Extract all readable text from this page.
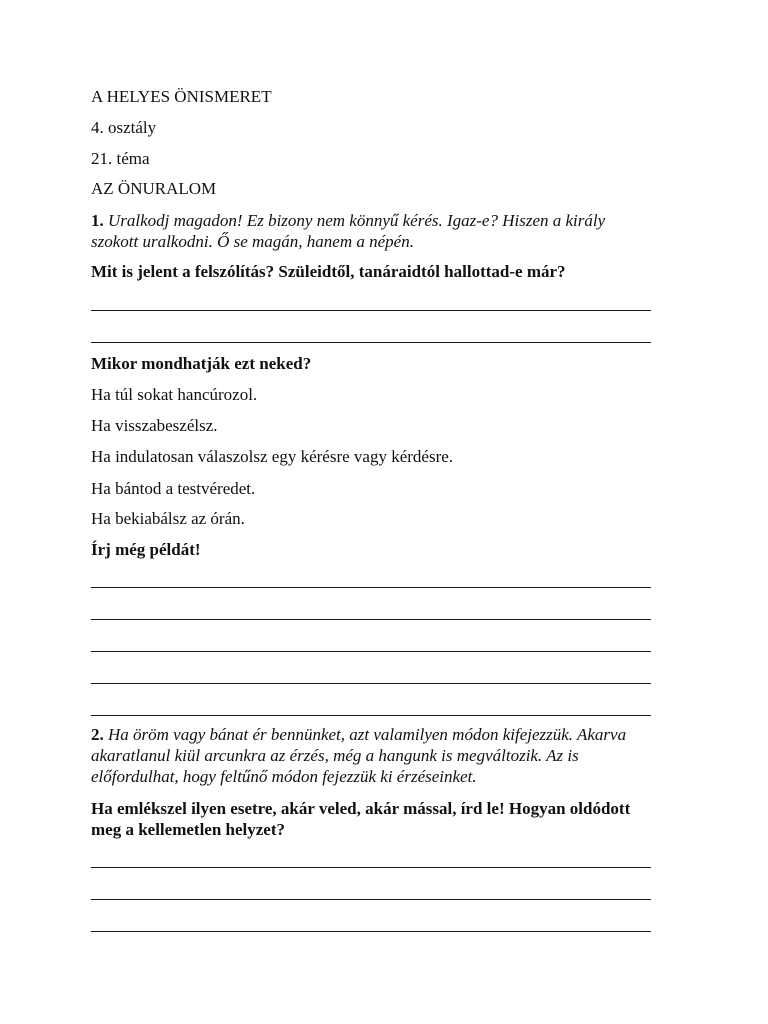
A HELYES ÖNISMERET
4. osztály
21. téma
AZ ÖNURALOM
1. Uralkodj magadon! Ez bizony nem könnyű kérés. Igaz-e? Hiszen a király
szokott uralkodni. Ő se magán, hanem a népén.
Mit is jelent a felszólítás? Szüleidtől, tanáraidtól hallottad-e már?
Mikor mondhatják ezt neked?
Ha túl sokat hancúrozol.
Ha visszabeszélsz.
Ha indulatosan válaszolsz egy kérésre vagy kérdésre.
Ha bántod a testvéredet.
Ha bekiabálsz az órán.
Írj még példát!
2. Ha öröm vagy bánat ér bennünket, azt valamilyen módon kifejezzük. Akarva
akaratlanul kiül arcunkra az érzés, még a hangunk is megváltozik. Az is
előfordulhat, hogy feltűnő módon fejezzük ki érzéseinket.
Ha emlékszel ilyen esetre, akár veled, akár mással, írd le! Hogyan oldódott
meg a kellemetlen helyzet?
